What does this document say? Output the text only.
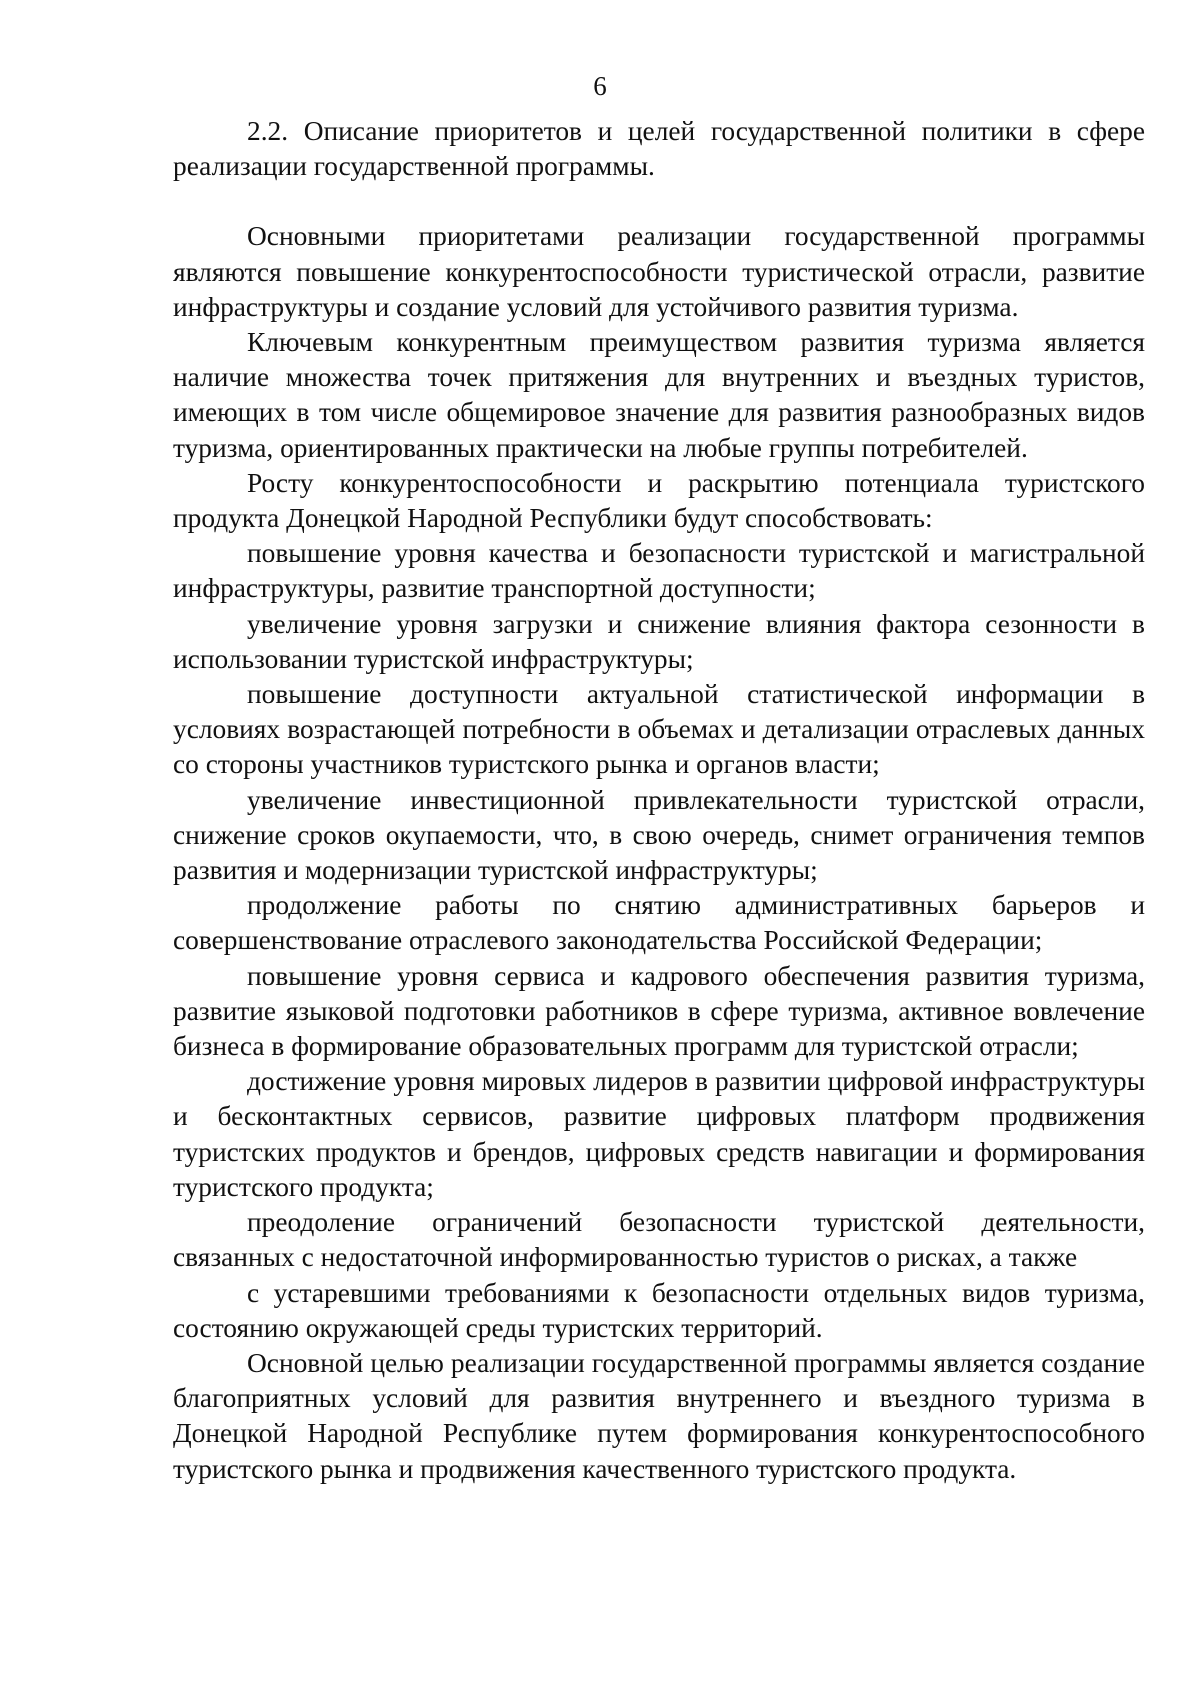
6

2.2. Описание приоритетов и целей государственной политики в сфере реализации государственной программы.

Основными приоритетами реализации государственной программы являются повышение конкурентоспособности туристической отрасли, развитие инфраструктуры и создание условий для устойчивого развития туризма.

Ключевым конкурентным преимуществом развития туризма является наличие множества точек притяжения для внутренних и въездных туристов, имеющих в том числе общемировое значение для развития разнообразных видов туризма, ориентированных практически на любые группы потребителей.

Росту конкурентоспособности и раскрытию потенциала туристского продукта Донецкой Народной Республики будут способствовать:

повышение уровня качества и безопасности туристской и магистральной инфраструктуры, развитие транспортной доступности;

увеличение уровня загрузки и снижение влияния фактора сезонности в использовании туристской инфраструктуры;

повышение доступности актуальной статистической информации в условиях возрастающей потребности в объемах и детализации отраслевых данных со стороны участников туристского рынка и органов власти;

увеличение инвестиционной привлекательности туристской отрасли, снижение сроков окупаемости, что, в свою очередь, снимет ограничения темпов развития и модернизации туристской инфраструктуры;

продолжение работы по снятию административных барьеров и совершенствование отраслевого законодательства Российской Федерации;

повышение уровня сервиса и кадрового обеспечения развития туризма, развитие языковой подготовки работников в сфере туризма, активное вовлечение бизнеса в формирование образовательных программ для туристской отрасли;

достижение уровня мировых лидеров в развитии цифровой инфраструктуры и бесконтактных сервисов, развитие цифровых платформ продвижения туристских продуктов и брендов, цифровых средств навигации и формирования туристского продукта;

преодоление ограничений безопасности туристской деятельности, связанных с недостаточной информированностью туристов о рисках, а также

с устаревшими требованиями к безопасности отдельных видов туризма, состоянию окружающей среды туристских территорий.

Основной целью реализации государственной программы является создание благоприятных условий для развития внутреннего и въездного туризма в Донецкой Народной Республике путем формирования конкурентоспособного туристского рынка и продвижения качественного туристского продукта.
